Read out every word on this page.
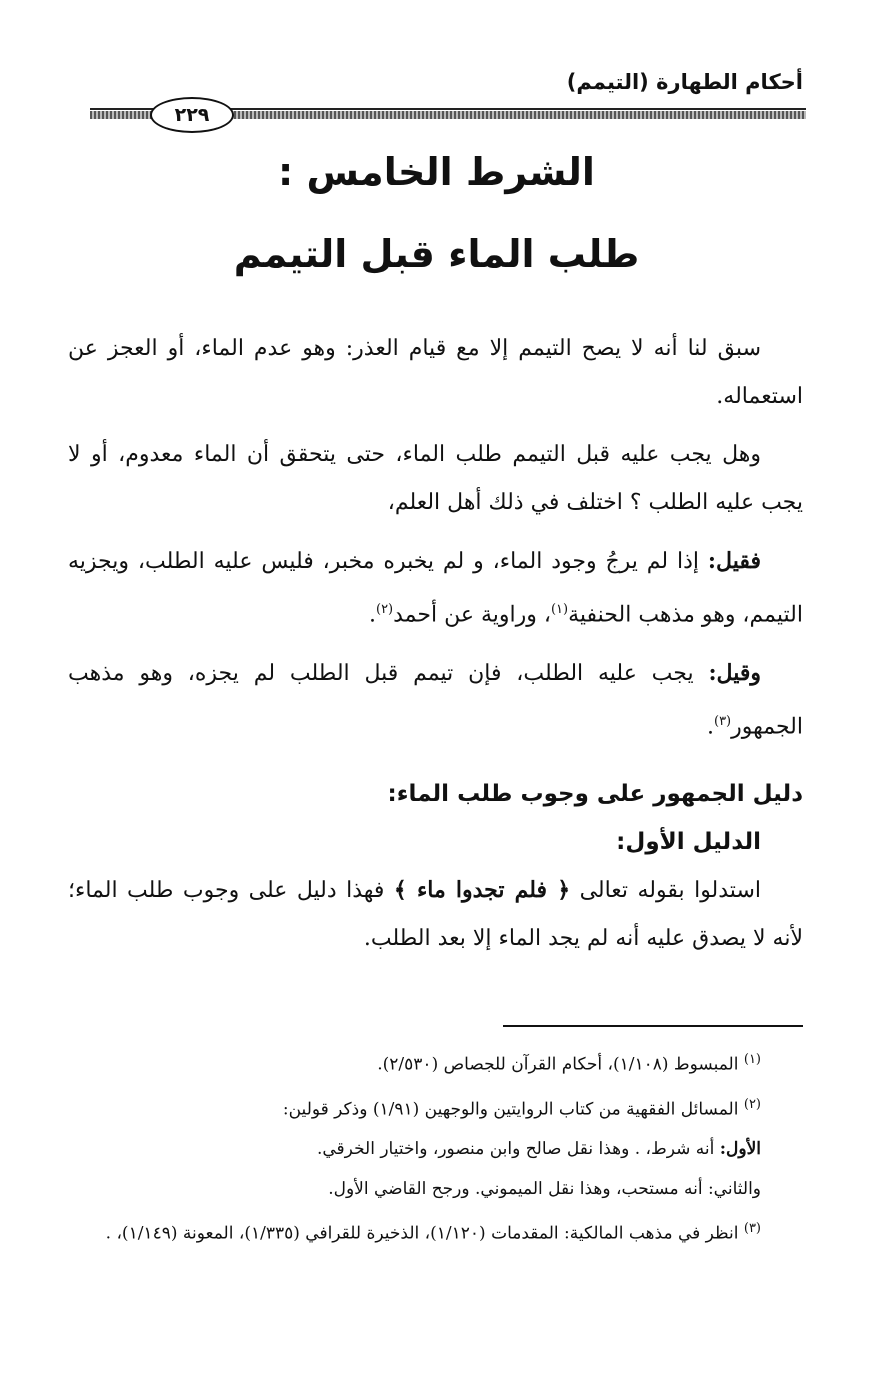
أحكام الطهارة (التيمم)
٢٢٩
الشرط الخامس :
طلب الماء قبل التيمم

سبق لنا أنه لا يصح التيمم إلا مع قيام العذر: وهو عدم الماء، أو العجز عن استعماله.

وهل يجب عليه قبل التيمم طلب الماء، حتى يتحقق أن الماء معدوم، أو لا يجب عليه الطلب ؟ اختلف في ذلك أهل العلم،

فقيل: إذا لم يرجُ وجود الماء، و لم يخبره مخبر، فليس عليه الطلب، ويجزيه التيمم، وهو مذهب الحنفية$^{(١)}$، وراوية عن أحمد$^{(٢)}$.

وقيل: يجب عليه الطلب، فإن تيمم قبل الطلب لم يجزه، وهو مذهب الجمهور$^{(٣)}$.

دليل الجمهور على وجوب طلب الماء:

الدليل الأول:

استدلوا بقوله تعالى ﴿ فلم تجدوا ماء ﴾ فهذا دليل على وجوب طلب الماء؛ لأنه لا يصدق عليه أنه لم يجد الماء إلا بعد الطلب.

$^{(١)}$ المبسوط (١/١٠٨)، أحكام القرآن للجصاص (٢/٥٣٠).

$^{(٢)}$ المسائل الفقهية من كتاب الروايتين والوجهين (١/٩١) وذكر قولين:

الأول: أنه شرط، . وهذا نقل صالح وابن منصور، واختيار الخرقي.

والثاني: أنه مستحب، وهذا نقل الميموني. ورجح القاضي الأول.

$^{(٣)}$ انظر في مذهب المالكية: المقدمات (١/١٢٠)، الذخيرة للقرافي (١/٣٣٥)، المعونة (١/١٤٩)، .
